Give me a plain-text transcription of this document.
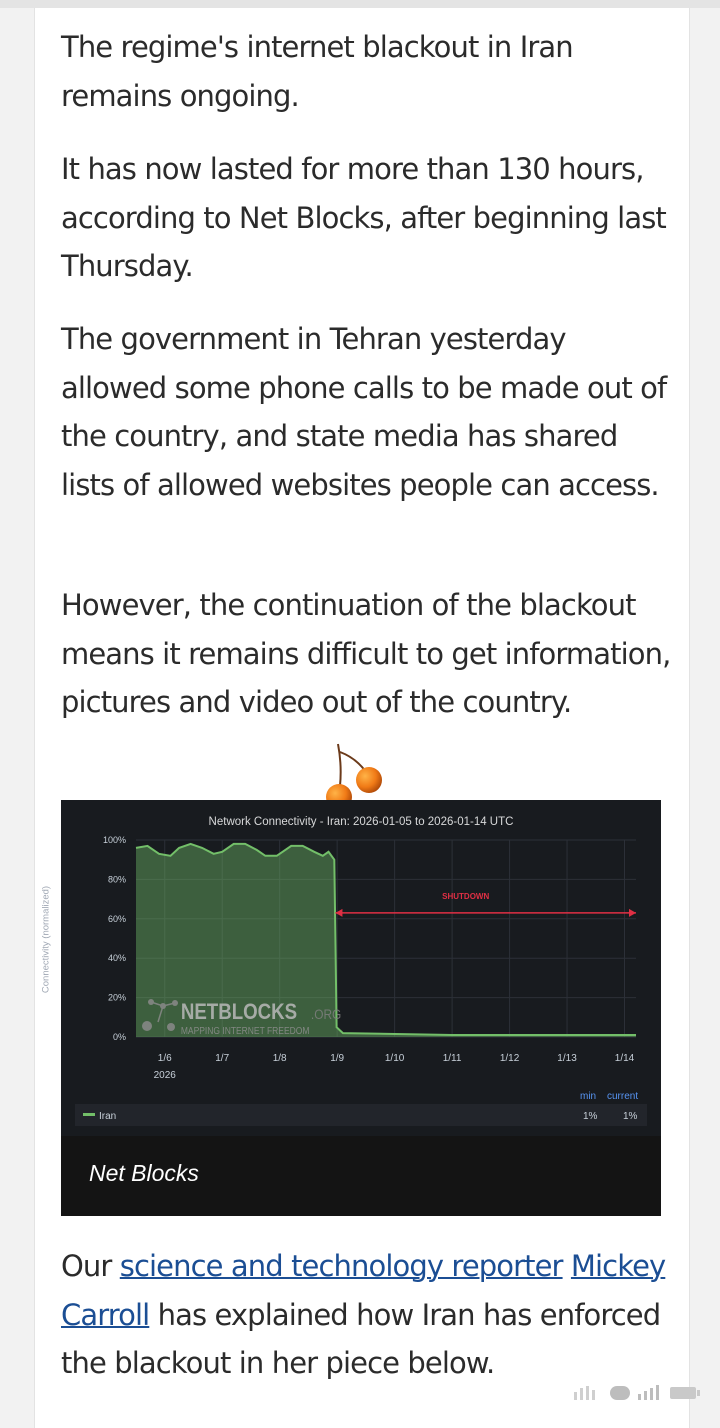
The regime's internet blackout in Iran remains ongoing.

It has now lasted for more than 130 hours, according to Net Blocks, after beginning last Thursday.

The government in Tehran yesterday allowed some phone calls to be made out of the country, and state media has shared lists of allowed websites people can access.

However, the continuation of the blackout means it remains difficult to get information, pictures and video out of the country.

Network Connectivity - Iran: 2026-01-05 to 2026-01-14 UTC
Connectivity (normalized)	SHUTDOWN
0%
20%
40%
60%
80%
100%
1/6	1/7	1/8	1/9	1/10	1/11	1/12	1/13	1/14
2026
NETBLOCKS .ORG
MAPPING INTERNET FREEDOM
min current
Iran	1%	1%
Net Blocks

Our science and technology reporter Mickey Carroll has explained how Iran has enforced the blackout in her piece below.
